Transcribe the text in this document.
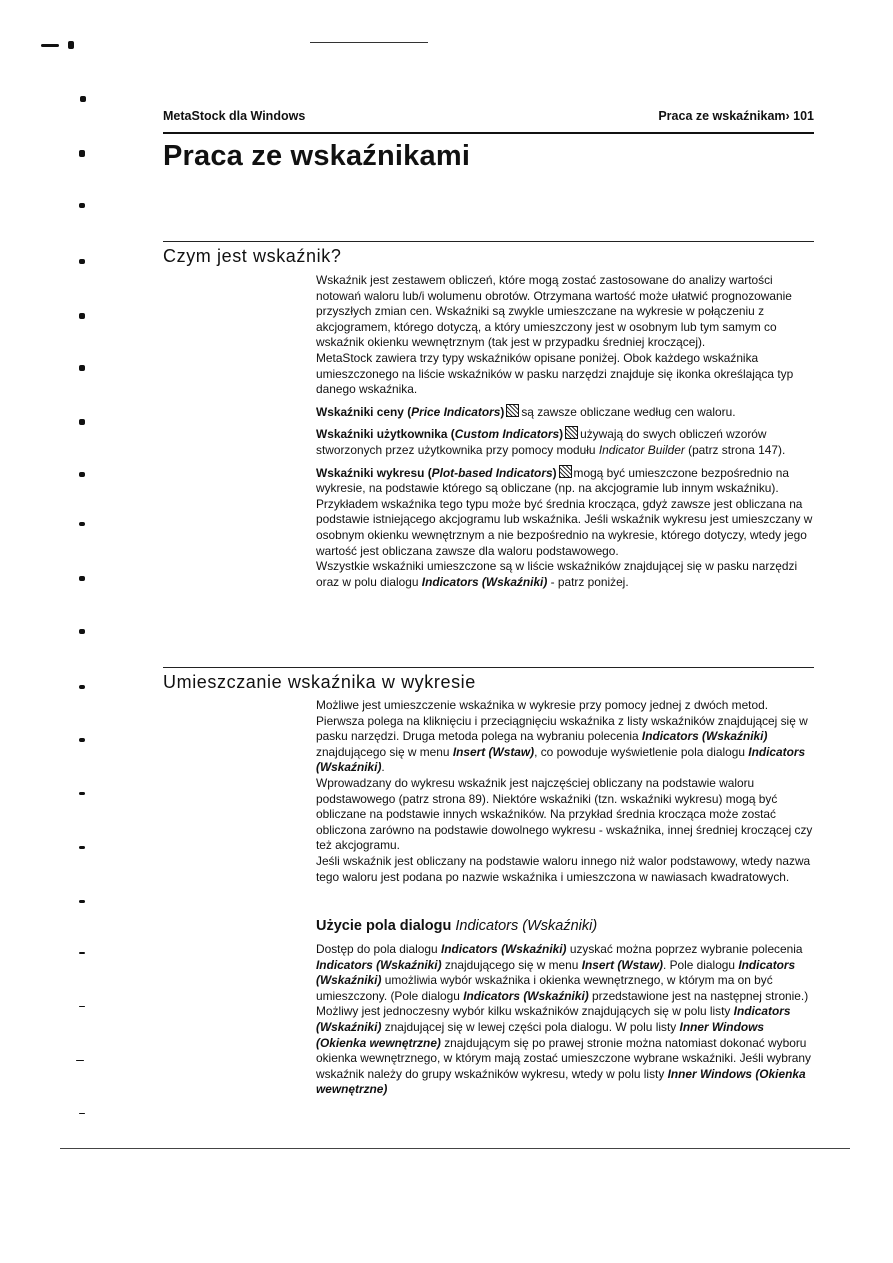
MetaStock dla Windows	Praca ze wskaźnikam› 101
Praca ze wskaźnikami
Czym jest wskaźnik?

Wskaźnik jest zestawem obliczeń, które mogą zostać zastosowane do analizy wartości notowań waloru lub/i wolumenu obrotów. Otrzymana wartość może ułatwić prognozowanie przyszłych zmian cen. Wskaźniki są zwykle umieszczane na wykresie w połączeniu z akcjogramem, którego dotyczą, a który umieszczony jest w osobnym lub tym samym co wskaźnik okienku wewnętrznym (tak jest w przypadku średniej kroczącej).

MetaStock zawiera trzy typy wskaźników opisane poniżej. Obok każdego wskaźnika umieszczonego na liście wskaźników w pasku narzędzi znajduje się ikonka określająca typ danego wskaźnika.

Wskaźniki ceny (Price Indicators) są zawsze obliczane według cen waloru.

Wskaźniki użytkownika (Custom Indicators) używają do swych obliczeń wzorów stworzonych przez użytkownika przy pomocy modułu Indicator Builder (patrz strona 147).

Wskaźniki wykresu (Plot-based Indicators) mogą być umieszczone bezpośrednio na wykresie, na podstawie którego są obliczane (np. na akcjogramie lub innym wskaźniku). Przykładem wskaźnika tego typu może być średnia krocząca, gdyż zawsze jest obliczana na podstawie istniejącego akcjogramu lub wskaźnika. Jeśli wskaźnik wykresu jest umieszczany w osobnym okienku wewnętrznym a nie bezpośrednio na wykresie, którego dotyczy, wtedy jego wartość jest obliczana zawsze dla waloru podstawowego.

Wszystkie wskaźniki umieszczone są w liście wskaźników znajdującej się w pasku narzędzi oraz w polu dialogu Indicators (Wskaźniki) - patrz poniżej.

Umieszczanie wskaźnika w wykresie

Możliwe jest umieszczenie wskaźnika w wykresie przy pomocy jednej z dwóch metod. Pierwsza polega na kliknięciu i przeciągnięciu wskaźnika z listy wskaźników znajdującej się w pasku narzędzi. Druga metoda polega na wybraniu polecenia Indicators (Wskaźniki) znajdującego się w menu Insert (Wstaw), co powoduje wyświetlenie pola dialogu Indicators (Wskaźniki).

Wprowadzany do wykresu wskaźnik jest najczęściej obliczany na podstawie waloru podstawowego (patrz strona 89). Niektóre wskaźniki (tzn. wskaźniki wykresu) mogą być obliczane na podstawie innych wskaźników. Na przykład średnia krocząca może zostać obliczona zarówno na podstawie dowolnego wykresu - wskaźnika, innej średniej kroczącej czy też akcjogramu.

Jeśli wskaźnik jest obliczany na podstawie waloru innego niż walor podstawowy, wtedy nazwa tego waloru jest podana po nazwie wskaźnika i umieszczona w nawiasach kwadratowych.

Użycie pola dialogu Indicators (Wskaźniki)

Dostęp do pola dialogu Indicators (Wskaźniki) uzyskać można poprzez wybranie polecenia Indicators (Wskaźniki) znajdującego się w menu Insert (Wstaw). Pole dialogu Indicators (Wskaźniki) umożliwia wybór wskaźnika i okienka wewnętrznego, w którym ma on być umieszczony. (Pole dialogu Indicators (Wskaźniki) przedstawione jest na następnej stronie.)

Możliwy jest jednoczesny wybór kilku wskaźników znajdujących się w polu listy Indicators (Wskaźniki) znajdującej się w lewej części pola dialogu. W polu listy Inner Windows (Okienka wewnętrzne) znajdującym się po prawej stronie można natomiast dokonać wyboru okienka wewnętrznego, w którym mają zostać umieszczone wybrane wskaźniki. Jeśli wybrany wskaźnik należy do grupy wskaźników wykresu, wtedy w polu listy Inner Windows (Okienka wewnętrzne)
